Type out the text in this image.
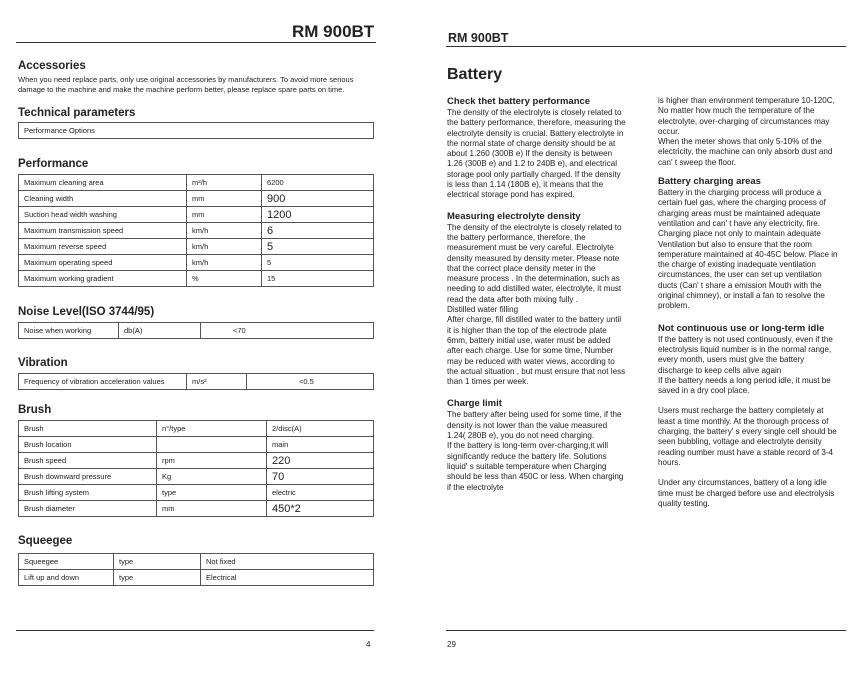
RM 900BT
Accessories
When you need replace parts, only use original accessories by manufacturers. To avoid more serious damage to the machine and make the machine perform better, please replace spare parts on time.
Technical parameters
Performance Options
Performance
Maximum cleaning area	m²/h	6200
Cleaning width	mm	900
Suction head width washing	mm	1200
Maximum transmission speed	km/h	6
Maximum reverse speed	km/h	5
Maximum operating speed	km/h	5
Maximum working gradient	%	15
Noise Level(ISO 3744/95)
Noise when working	db(A)	<70
Vibration
Frequency of vibration acceleration values	m/s²	<0.5
Brush
Brush	n°/type	2/disc(A)
Brush location		main
Brush speed	rpm	220
Brush downward pressure	Kg	70
Brush lifting system	type	electric
Brush diameter	mm	450*2
Squeegee
Squeegee	type	Not fixed
Lift up and down	type	Electrical
4
RM 900BT
Battery

Check thet battery performance

The density of the electrolyte is closely related to the battery performance, therefore, measuring the electrolyte density is crucial. Battery electrolyte in the normal state of charge density should be at about 1.260 (300B e) If the density is between 1.26 (300B e) and 1.2 to 240B e), and electrical storage pool only partially charged. If the density is less than 1.14 (180B e), it means that the electrical storage pond has expired.

Measuring electrolyte density

The density of the electrolyte is closely related to the battery performance, therefore, the measurement must be very careful. Electrolyte density measured by density meter. Please note that the correct place density meter in the measure process . In the determination, such as needing to add distilled water, electrolyte, it must read the data after both mixing fully .

Distilled water filling

After charge, fill distilled water to the battery until it is higher than the top of the electrode plate 6mm, battery initial use, water must be added after each charge. Use for some time, Number may be reduced with water views, according to the actual situation , but must ensure that not less than 1 times per week.

Charge limit

The battery after being used for some time, if the density is not lower than the value measured 1.24( 280B e), you do not need charging.

If the battery is long-term over-charging,it will significantly reduce the battery life. Solutions liquid' s suitable temperature when Charging should be less than 450C or less. When charging if the electrolyte

is higher than environment temperature 10-120C, No matter how much the temperature of the electrolyte, over-charging of circumstances may occur.

When the meter shows that only 5-10% of the electricity, the machine can only absorb dust and can' t sweep the floor.

Battery charging areas

Battery in the charging process will produce a certain fuel gas, where the charging process of charging areas must be maintained adequate ventilation and can' t have any electricity, fire. Charging place not only to maintain adequate Ventilation but also to ensure that the room temperature maintained at 40-45C below. Place in the charge of existing inadequate ventilation circumstances, the user can set up ventilation ducts (Can' t share a emission Mouth with the original chimney), or install a fan to resolve the problem.

Not continuous use or long-term idle

If the battery is not used continuously, even if the electrolysis liquid number is in the normal range, every month, users must give the battery discharge to keep cells alive again

If the battery needs a long period idle, it must be saved in a dry cool place.

Users must recharge the battery completely at least a time monthly. At the thorough process of charging, the battery' s every single cell should be seen bubbling, voltage and electrolyte density reading number must have a stable record of 3-4 hours.

Under any circumstances, battery of a long idle time must be charged before use and electrolysis quality testing.

29
